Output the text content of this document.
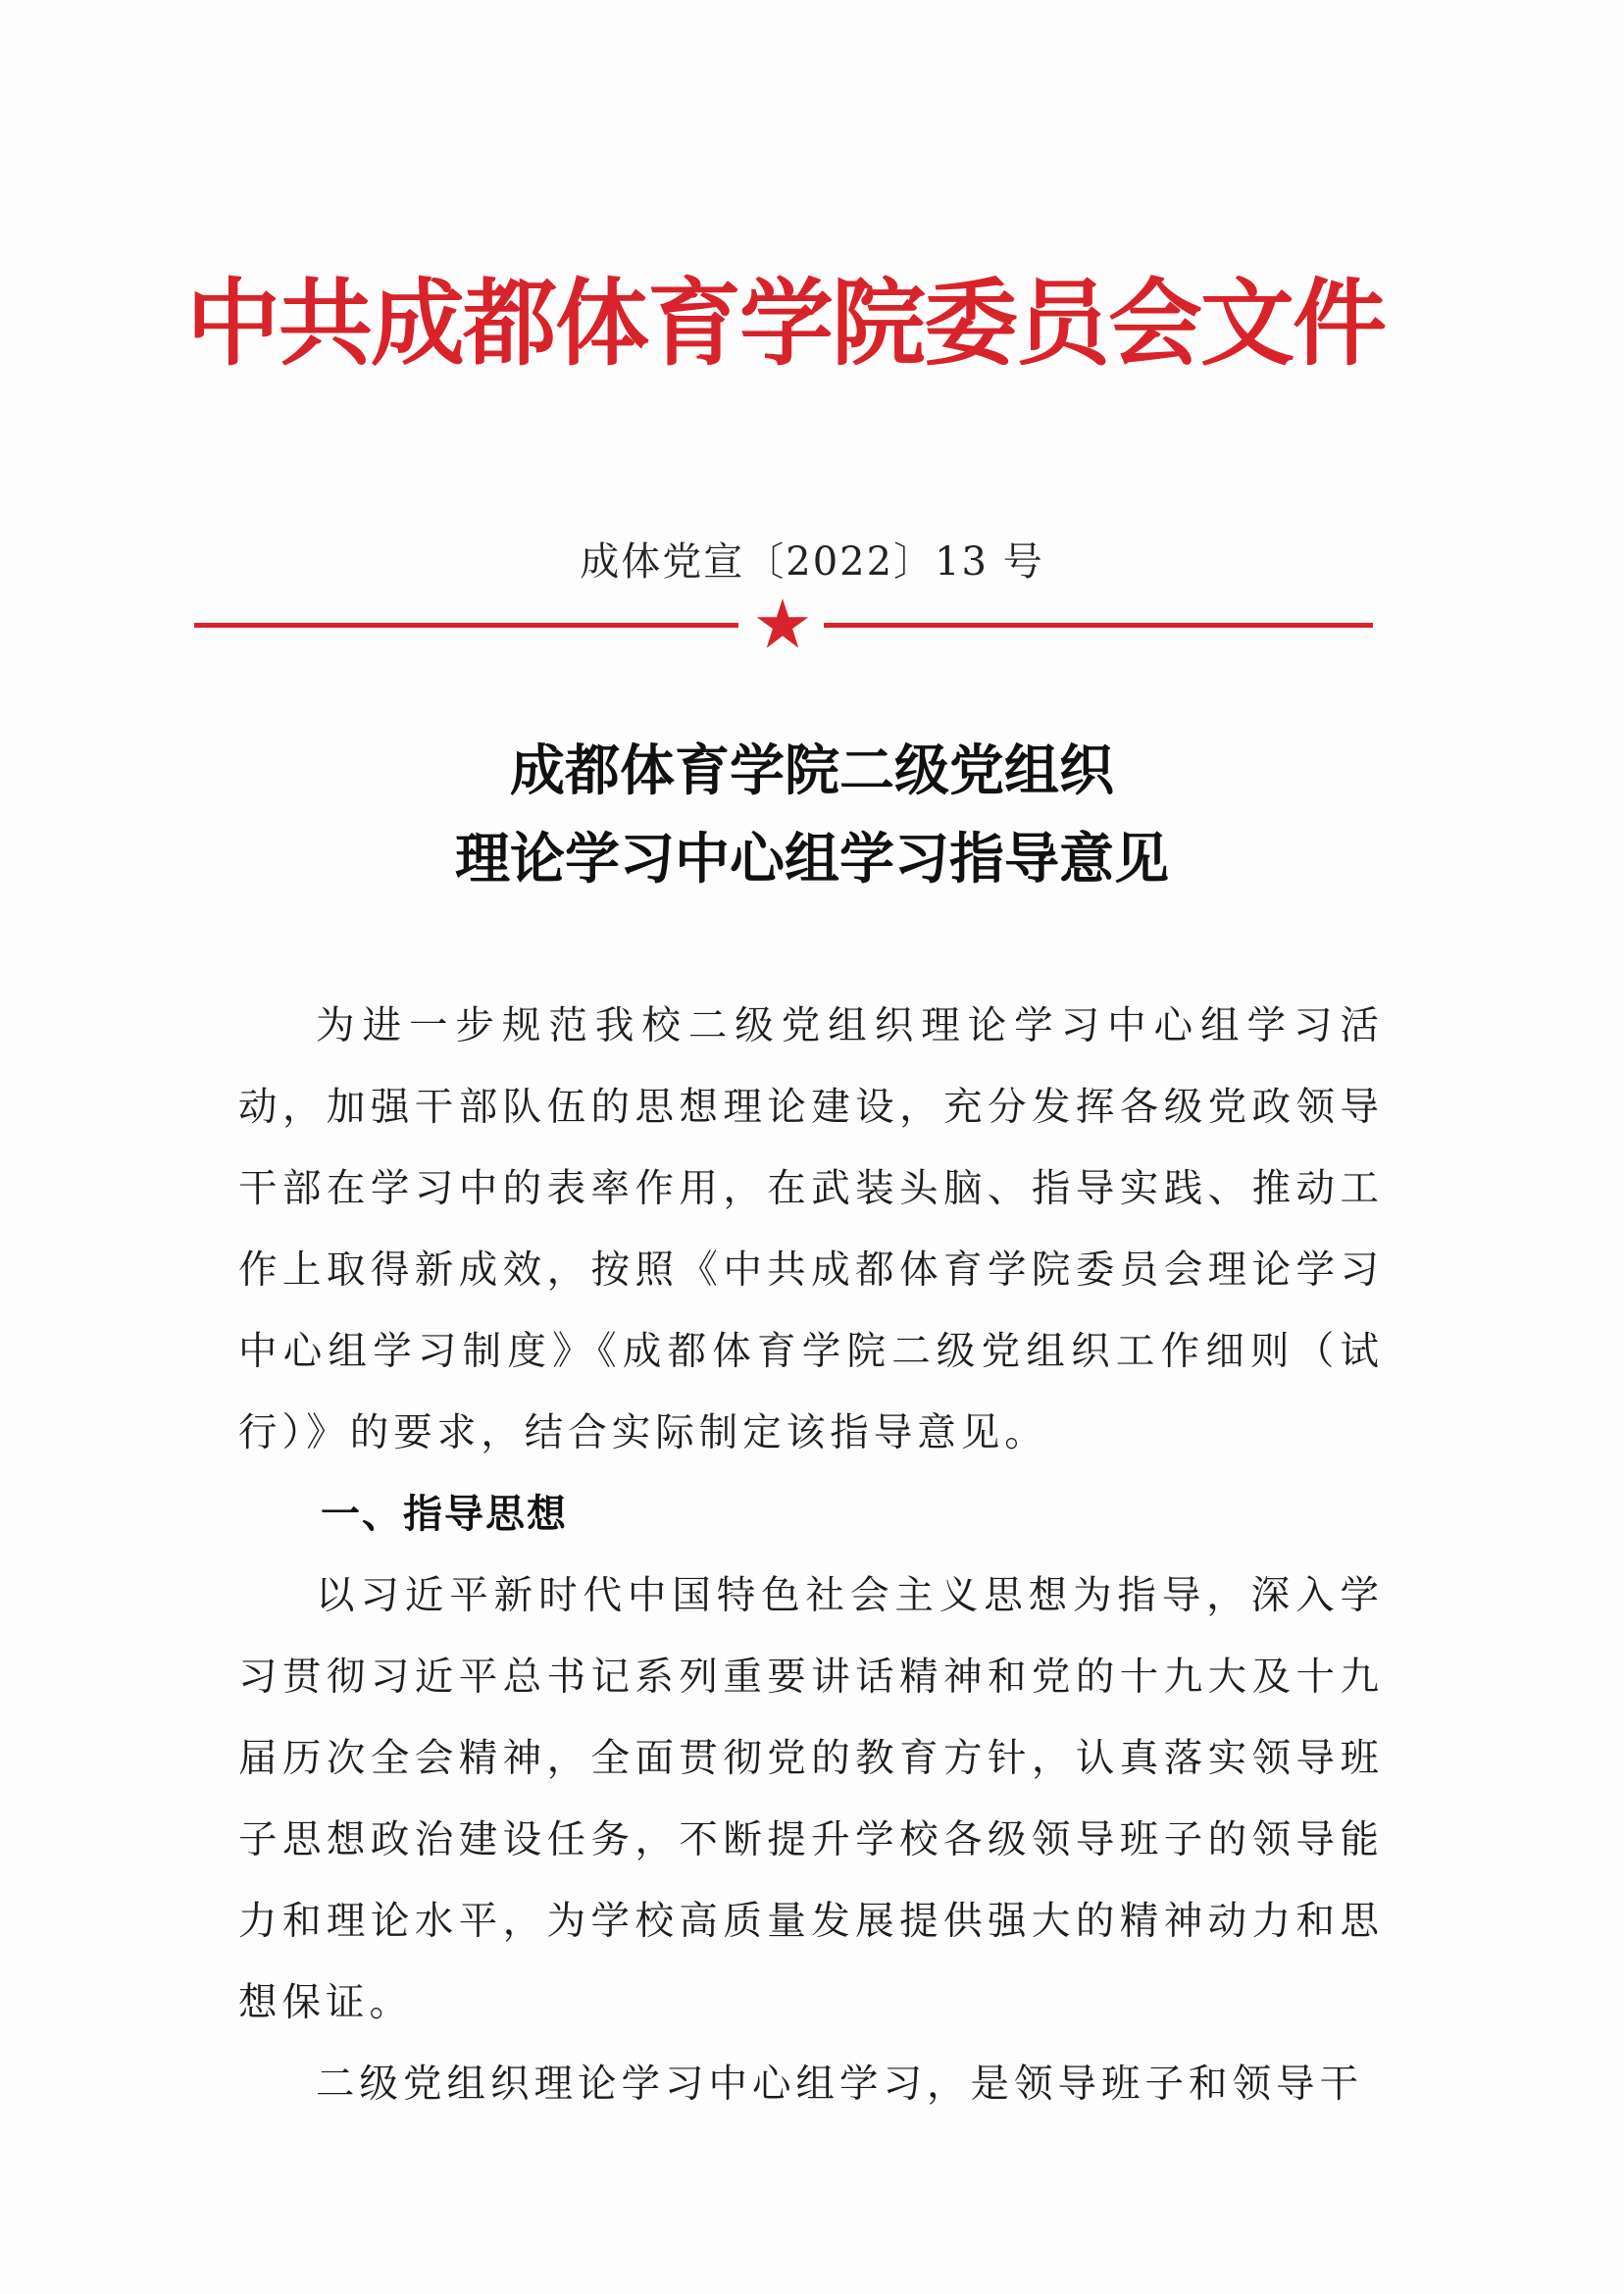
中共成都体育学院委员会文件
成体党宣〔2022〕13 号
成都体育学院二级党组织
理论学习中心组学习指导意见

为进一步规范我校二级党组织理论学习中心组学习活动，加强干部队伍的思想理论建设，充分发挥各级党政领导干部在学习中的表率作用，在武装头脑、指导实践、推动工作上取得新成效，按照《中共成都体育学院委员会理论学习中心组学习制度》《成都体育学院二级党组织工作细则（试行）》的要求，结合实际制定该指导意见。

一、指导思想

以习近平新时代中国特色社会主义思想为指导，深入学习贯彻习近平总书记系列重要讲话精神和党的十九大及十九届历次全会精神，全面贯彻党的教育方针，认真落实领导班子思想政治建设任务，不断提升学校各级领导班子的领导能力和理论水平，为学校高质量发展提供强大的精神动力和思想保证。

二级党组织理论学习中心组学习，是领导班子和领导干
